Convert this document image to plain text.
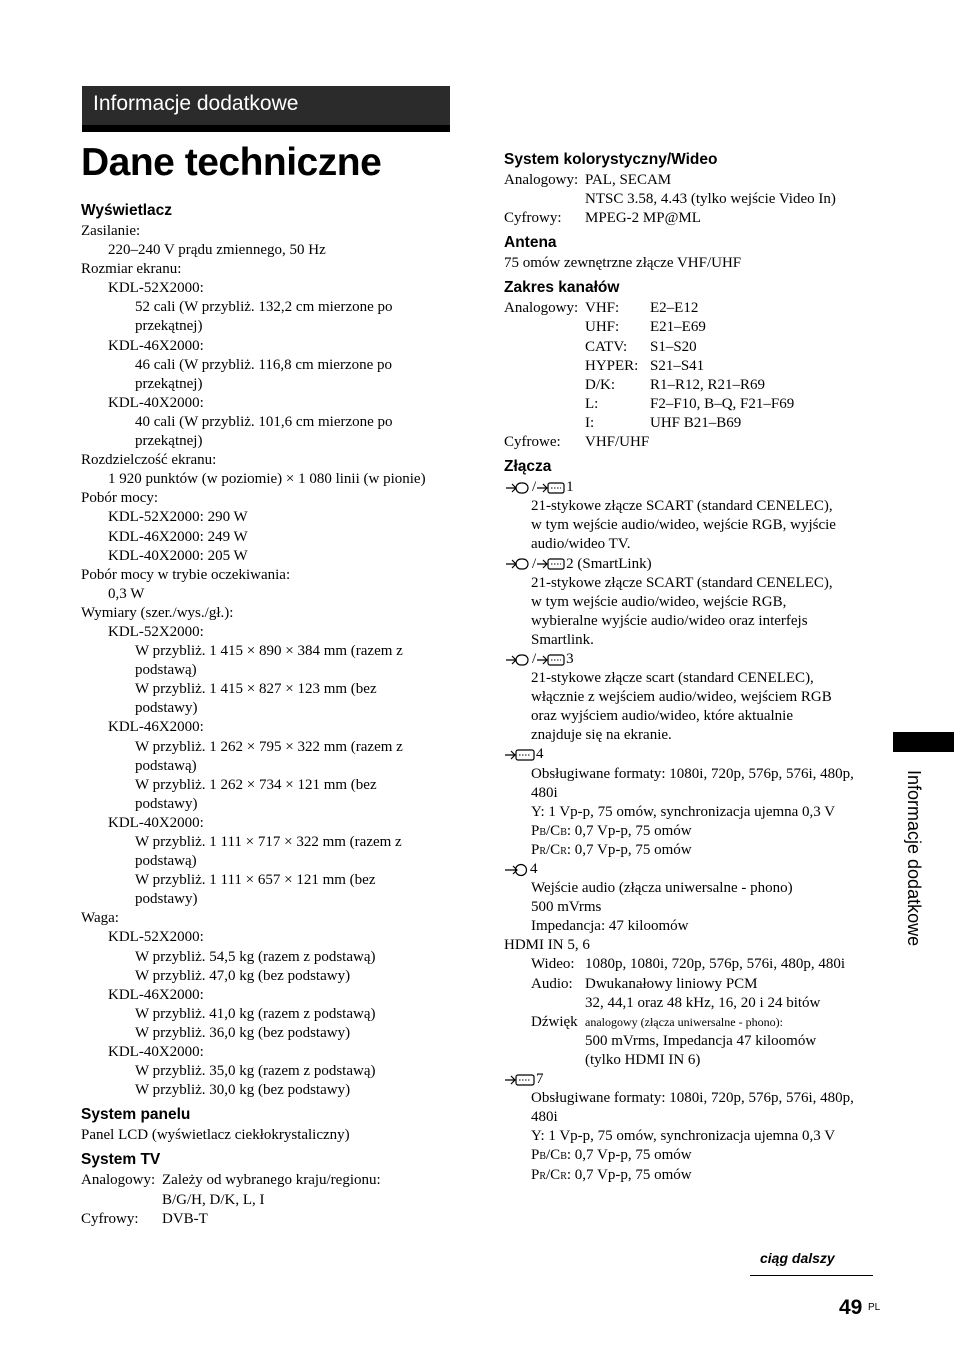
Informacje dodatkowe
Dane techniczne
Wyświetlacz
Zasilanie:
220–240 V prądu zmiennego, 50 Hz
Rozmiar ekranu:
KDL-52X2000:
52 cali (W przybliż. 132,2 cm mierzone po
przekątnej)
KDL-46X2000:
46 cali (W przybliż. 116,8 cm mierzone po
przekątnej)
KDL-40X2000:
40 cali (W przybliż. 101,6 cm mierzone po
przekątnej)
Rozdzielczość ekranu:
1 920 punktów (w poziomie) × 1 080 linii (w pionie)
Pobór mocy:
KDL-52X2000: 290 W
KDL-46X2000: 249 W
KDL-40X2000: 205 W
Pobór mocy w trybie oczekiwania:
0,3 W
Wymiary (szer./wys./gł.):
KDL-52X2000:
W przybliż. 1 415 × 890 × 384 mm (razem z
podstawą)
W przybliż. 1 415 × 827 × 123 mm (bez
podstawy)
KDL-46X2000:
W przybliż. 1 262 × 795 × 322 mm (razem z
podstawą)
W przybliż. 1 262 × 734 × 121 mm (bez
podstawy)
KDL-40X2000:
W przybliż. 1 111 × 717 × 322 mm (razem z
podstawą)
W przybliż. 1 111 × 657 × 121 mm (bez
podstawy)
Waga:
KDL-52X2000:
W przybliż. 54,5 kg (razem z podstawą)
W przybliż. 47,0 kg (bez podstawy)
KDL-46X2000:
W przybliż. 41,0 kg (razem z podstawą)
W przybliż. 36,0 kg (bez podstawy)
KDL-40X2000:
W przybliż. 35,0 kg (razem z podstawą)
W przybliż. 30,0 kg (bez podstawy)
System panelu
Panel LCD (wyświetlacz ciekłokrystaliczny)
System TV
Analogowy: Zależy od wybranego kraju/regionu:
B/G/H, D/K, L, I
Cyfrowy: DVB-T
System kolorystyczny/Wideo
Analogowy: PAL, SECAM
NTSC 3.58, 4.43 (tylko wejście Video In)
Cyfrowy: MPEG-2 MP@ML
Antena
75 omów zewnętrzne złącze VHF/UHF
Zakres kanałów
Analogowy: VHF: E2–E12
UHF: E21–E69
CATV: S1–S20
HYPER: S21–S41
D/K: R1–R12, R21–R69
L:	F2–F10, B–Q, F21–F69
I:	UHF B21–B69
Cyfrowe: VHF/UHF
Złącza
/ 1
21-stykowe złącze SCART (standard CENELEC),
w tym wejście audio/wideo, wejście RGB, wyjście
audio/wideo TV.
/ 2 (SmartLink)
21-stykowe złącze SCART (standard CENELEC),
w tym wejście audio/wideo, wejście RGB,
wybieralne wyjście audio/wideo oraz interfejs
Smartlink.
/ 3
21-stykowe złącze scart (standard CENELEC),
włącznie z wejściem audio/wideo, wejściem RGB
oraz wyjściem audio/wideo, które aktualnie
znajduje się na ekranie.
4
Obsługiwane formaty: 1080i, 720p, 576p, 576i, 480p,
480i
Y: 1 Vp-p, 75 omów, synchronizacja ujemna 0,3 V
PB/CB: 0,7 Vp-p, 75 omów
PR/CR: 0,7 Vp-p, 75 omów
4
Wejście audio (złącza uniwersalne - phono)
500 mVrms
Impedancja: 47 kiloomów
HDMI IN 5, 6
Wideo: 1080p, 1080i, 720p, 576p, 576i, 480p, 480i
Audio: Dwukanałowy liniowy PCM
32, 44,1 oraz 48 kHz, 16, 20 i 24 bitów
Dźwięk analogowy (złącza uniwersalne - phono):
500 mVrms, Impedancja 47 kiloomów
(tylko HDMI IN 6)
7
Obsługiwane formaty: 1080i, 720p, 576p, 576i, 480p,
480i
Y: 1 Vp-p, 75 omów, synchronizacja ujemna 0,3 V
PB/CB: 0,7 Vp-p, 75 omów
PR/CR: 0,7 Vp-p, 75 omów
Informacje dodatkowe
ciąg dalszy
49 PL
